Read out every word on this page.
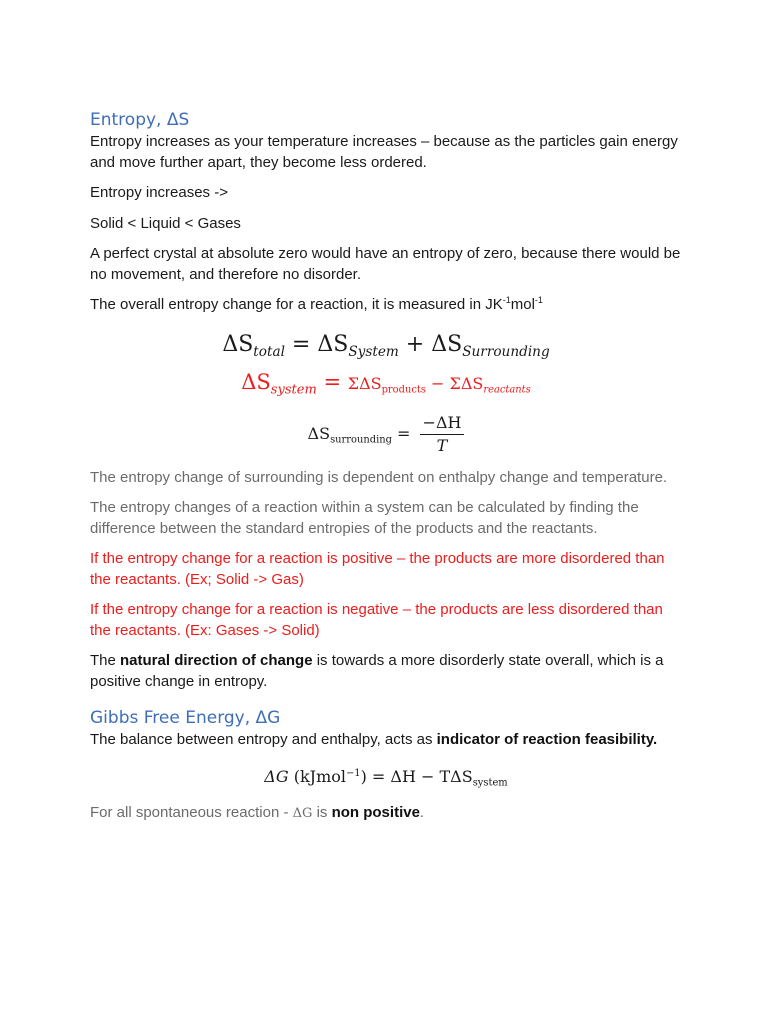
Entropy, ΔS

Entropy increases as your temperature increases – because as the particles gain energy and move further apart, they become less ordered.

Entropy increases ->

Solid < Liquid < Gases

A perfect crystal at absolute zero would have an entropy of zero, because there would be no movement, and therefore no disorder.

The overall entropy change for a reaction, it is measured in $JK^{-1}mol^{-1}$

$\Delta S_{total} = \Delta S_{System} + \Delta S_{Surrounding}$
$\Delta S_{system} = \Sigma\Delta S_{products} - \Sigma\Delta S_{reactants}$
$\Delta S_{surrounding} = \frac{-\Delta H}{T}$

The entropy change of surrounding is dependent on enthalpy change and temperature.

The entropy changes of a reaction within a system can be calculated by finding the difference between the standard entropies of the products and the reactants.

If the entropy change for a reaction is positive – the products are more disordered than the reactants. (Ex; Solid -> Gas)

If the entropy change for a reaction is negative – the products are less disordered than the reactants. (Ex: Gases -> Solid)

The natural direction of change is towards a more disorderly state overall, which is a positive change in entropy.

Gibbs Free Energy, ΔG

The balance between entropy and enthalpy, acts as indicator of reaction feasibility.

ΔG (kJmol$^{-1}$) = $\Delta H - T\Delta S_{system}$

For all spontaneous reaction - ΔG is non positive.
